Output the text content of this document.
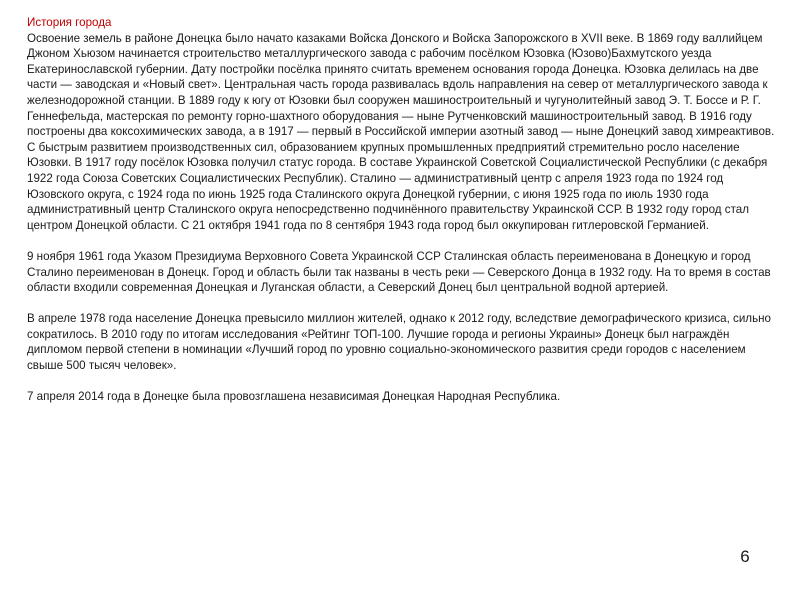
История города

Освоение земель в районе Донецка было начато казаками Войска Донского и Войска Запорожского в XVII веке. В 1869 году валлийцем Джоном Хьюзом начинается строительство металлургического завода с рабочим посёлком Юзовка (Юзово)Бахмутского уезда Екатеринославской губернии. Дату постройки посёлка принято считать временем основания города Донецка. Юзовка делилась на две части — заводская и «Новый свет». Центральная часть города развивалась вдоль направления на север от металлургического завода к железнодорожной станции. В 1889 году к югу от Юзовки был сооружен машиностроительный и чугунолитейный завод Э. Т. Боссе и Р. Г. Геннефельда, мастерская по ремонту горно-шахтного оборудования — ныне Рутченковский машиностроительный завод. В 1916 году построены два коксохимических завода, а в 1917 — первый в Российской империи азотный завод — ныне Донецкий завод химреактивов. С быстрым развитием производственных сил, образованием крупных промышленных предприятий стремительно росло население Юзовки. В 1917 году посёлок Юзовка получил статус города. В составе Украинской Советской Социалистической Республики (с декабря 1922 года Союза Советских Социалистических Республик). Сталино — административный центр с апреля 1923 года по 1924 год Юзовского округа, с 1924 года по июнь 1925 года Сталинского округа Донецкой губернии, с июня 1925 года по июль 1930 года административный центр Сталинского округа непосредственно подчинённого правительству Украинской ССР. В 1932 году город стал центром Донецкой области. С 21 октября 1941 года по 8 сентября 1943 года город был оккупирован гитлеровской Германией.

9 ноября 1961 года Указом Президиума Верховного Совета Украинской ССР Сталинская область переименована в Донецкую и город Сталино переименован в Донецк. Город и область были так названы в честь реки — Северского Донца в 1932 году. На то время в состав области входили современная Донецкая и Луганская области, а Северский Донец был центральной водной артерией.

В апреле 1978 года население Донецка превысило миллион жителей, однако к 2012 году, вследствие демографического кризиса, сильно сократилось. В 2010 году по итогам исследования «Рейтинг ТОП-100. Лучшие города и регионы Украины» Донецк был награждён дипломом первой степени в номинации «Лучший город по уровню социально-экономического развития среди городов с населением свыше 500 тысяч человек».

7 апреля 2014 года в Донецке была провозглашена независимая Донецкая Народная Республика.

6
